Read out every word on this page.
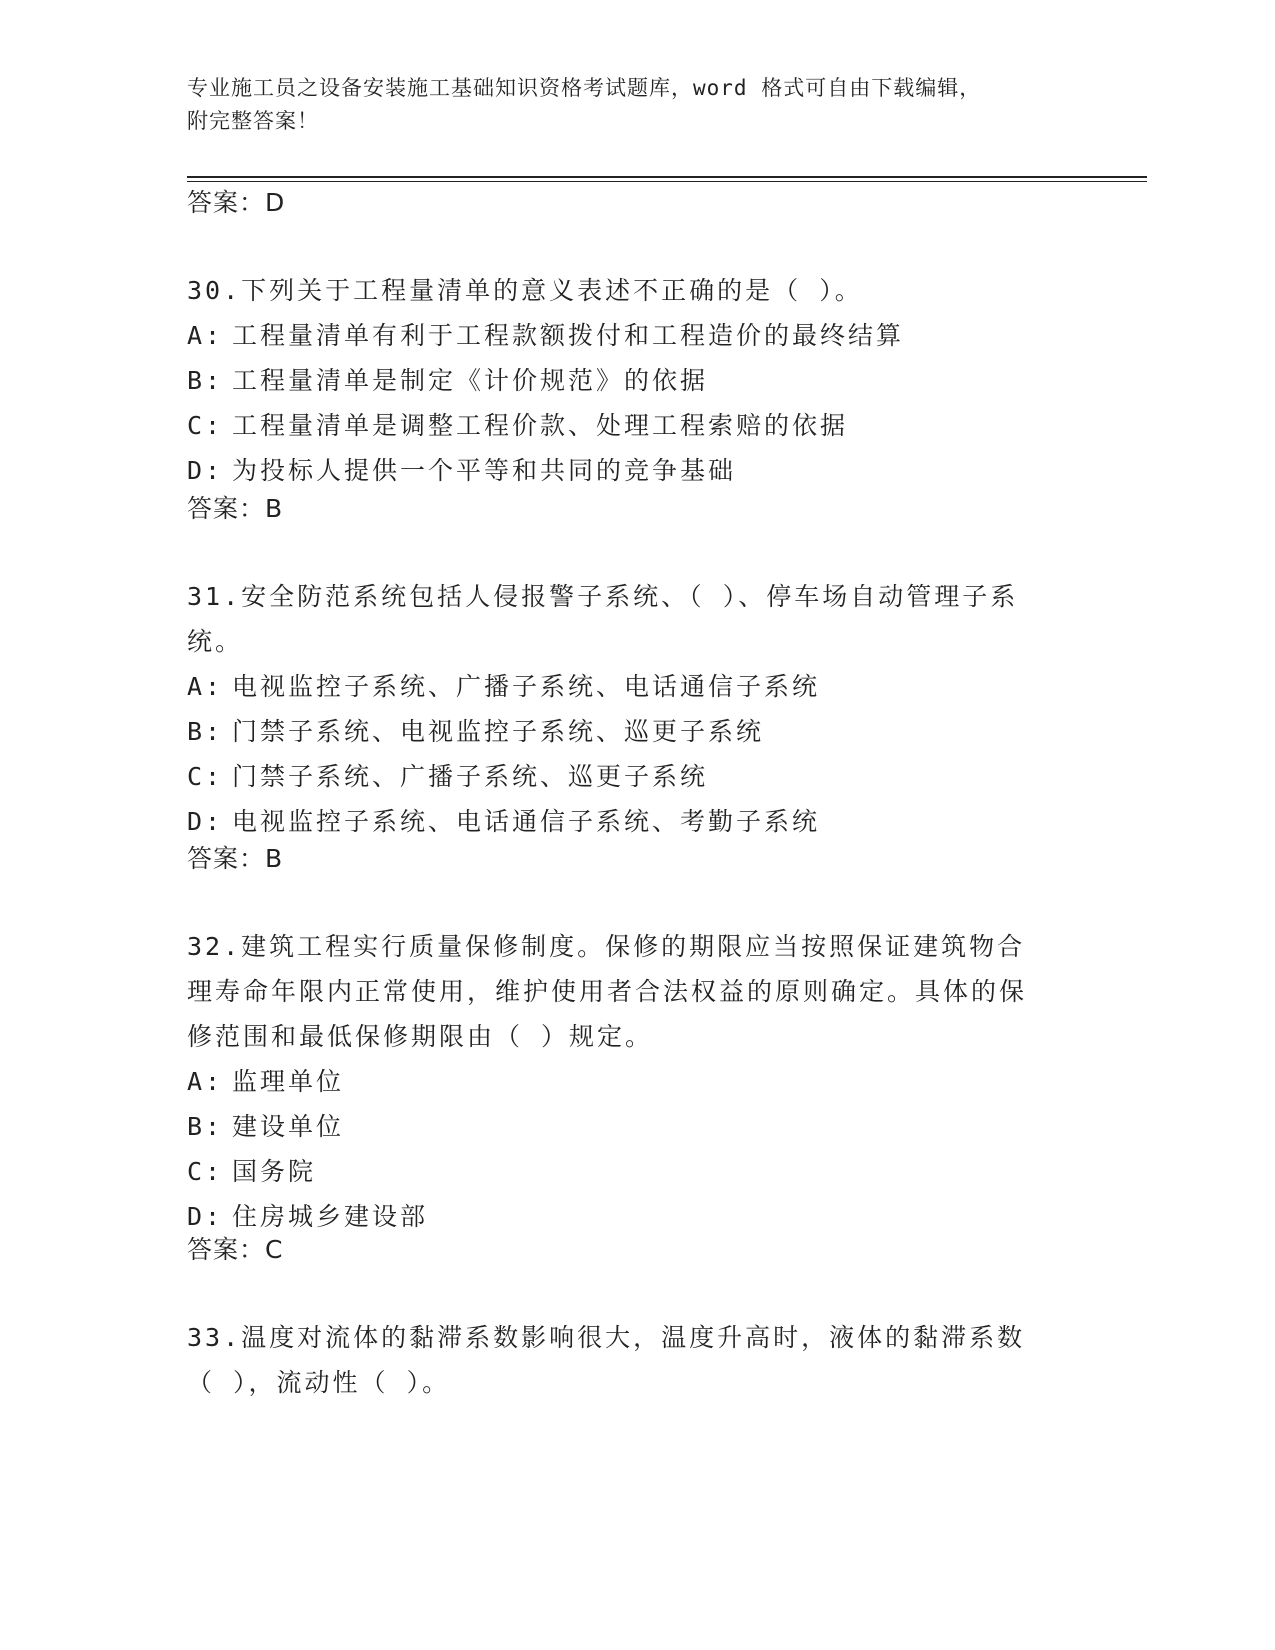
专业施工员之设备安装施工基础知识资格考试题库，word 格式可自由下载编辑，
附完整答案！
答案：D

30.下列关于工程量清单的意义表述不正确的是（ ）。

A: 工程量清单有利于工程款额拨付和工程造价的最终结算
B: 工程量清单是制定《计价规范》的依据
C: 工程量清单是调整工程价款、处理工程索赔的依据
D: 为投标人提供一个平等和共同的竞争基础
答案：B

31.安全防范系统包括人侵报警子系统、（ ）、停车场自动管理子系统。

A: 电视监控子系统、广播子系统、电话通信子系统
B: 门禁子系统、电视监控子系统、巡更子系统
C: 门禁子系统、广播子系统、巡更子系统
D: 电视监控子系统、电话通信子系统、考勤子系统
答案：B

32.建筑工程实行质量保修制度。保修的期限应当按照保证建筑物合理寿命年限内正常使用，维护使用者合法权益的原则确定。具体的保修范围和最低保修期限由（ ）规定。

A: 监理单位
B: 建设单位
C: 国务院
D: 住房城乡建设部
答案：C

33.温度对流体的黏滞系数影响很大，温度升高时，液体的黏滞系数（ ），流动性（ ）。
